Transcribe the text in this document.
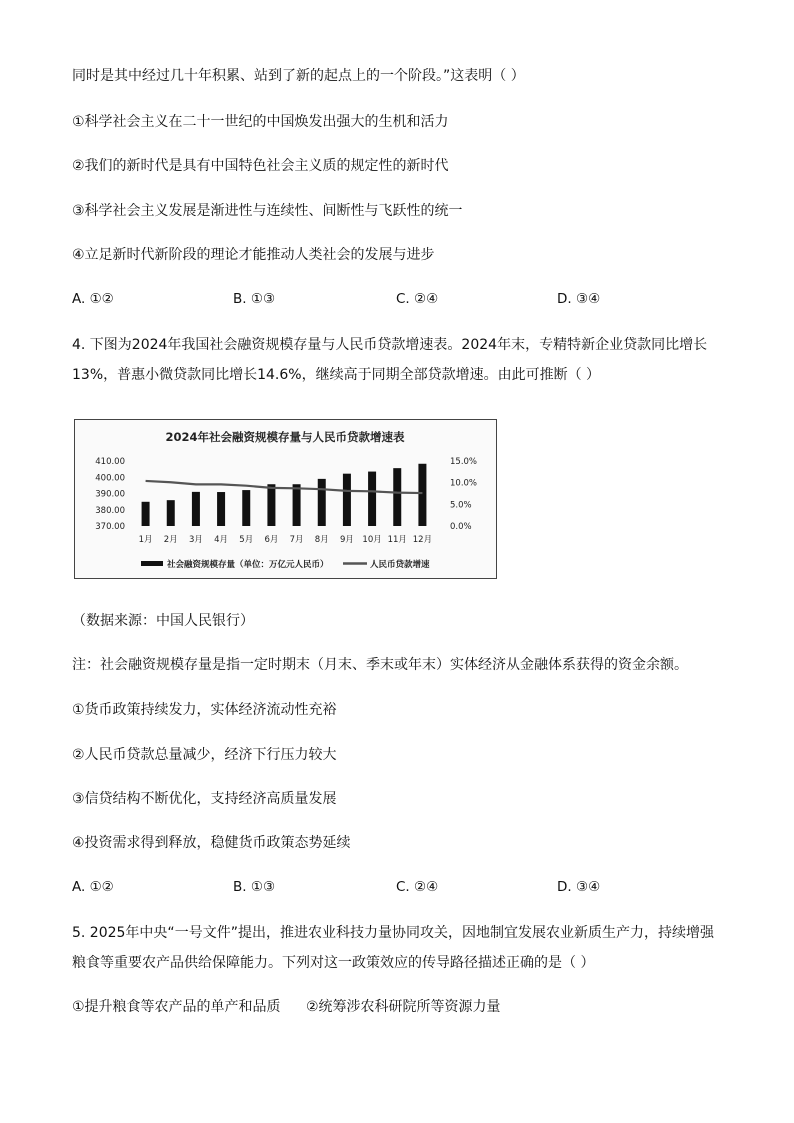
同时是其中经过几十年积累、站到了新的起点上的一个阶段。”这表明（ ）
①科学社会主义在二十一世纪的中国焕发出强大的生机和活力
②我们的新时代是具有中国特色社会主义质的规定性的新时代
③科学社会主义发展是渐进性与连续性、间断性与飞跃性的统一
④立足新时代新阶段的理论才能推动人类社会的发展与进步
A. ①②	B. ①③	C. ②④	D. ③④
4. 下图为2024年我国社会融资规模存量与人民币贷款增速表。2024年末，专精特新企业贷款同比增长
13%，普惠小微贷款同比增长14.6%，继续高于同期全部贷款增速。由此可推断（ ）
2024年社会融资规模存量与人民币贷款增速表
370.00
380.00
390.00
400.00
410.00
0.0%
5.0%
10.0%
15.0%
1月 2月 3月 4月 5月 6月 7月 8月 9月 10月 11月 12月
社会融资规模存量（单位：万亿元人民币）	人民币贷款增速
（数据来源：中国人民银行）
注：社会融资规模存量是指一定时期末（月末、季末或年末）实体经济从金融体系获得的资金余额。
①货币政策持续发力，实体经济流动性充裕
②人民币贷款总量减少，经济下行压力较大
③信贷结构不断优化，支持经济高质量发展
④投资需求得到释放，稳健货币政策态势延续
A. ①②	B. ①③	C. ②④	D. ③④
5. 2025年中央“一号文件”提出，推进农业科技力量协同攻关，因地制宜发展农业新质生产力，持续增强
粮食等重要农产品供给保障能力。下列对这一政策效应的传导路径描述正确的是（ ）
①提升粮食等农产品的单产和品质 ②统筹涉农科研院所等资源力量
